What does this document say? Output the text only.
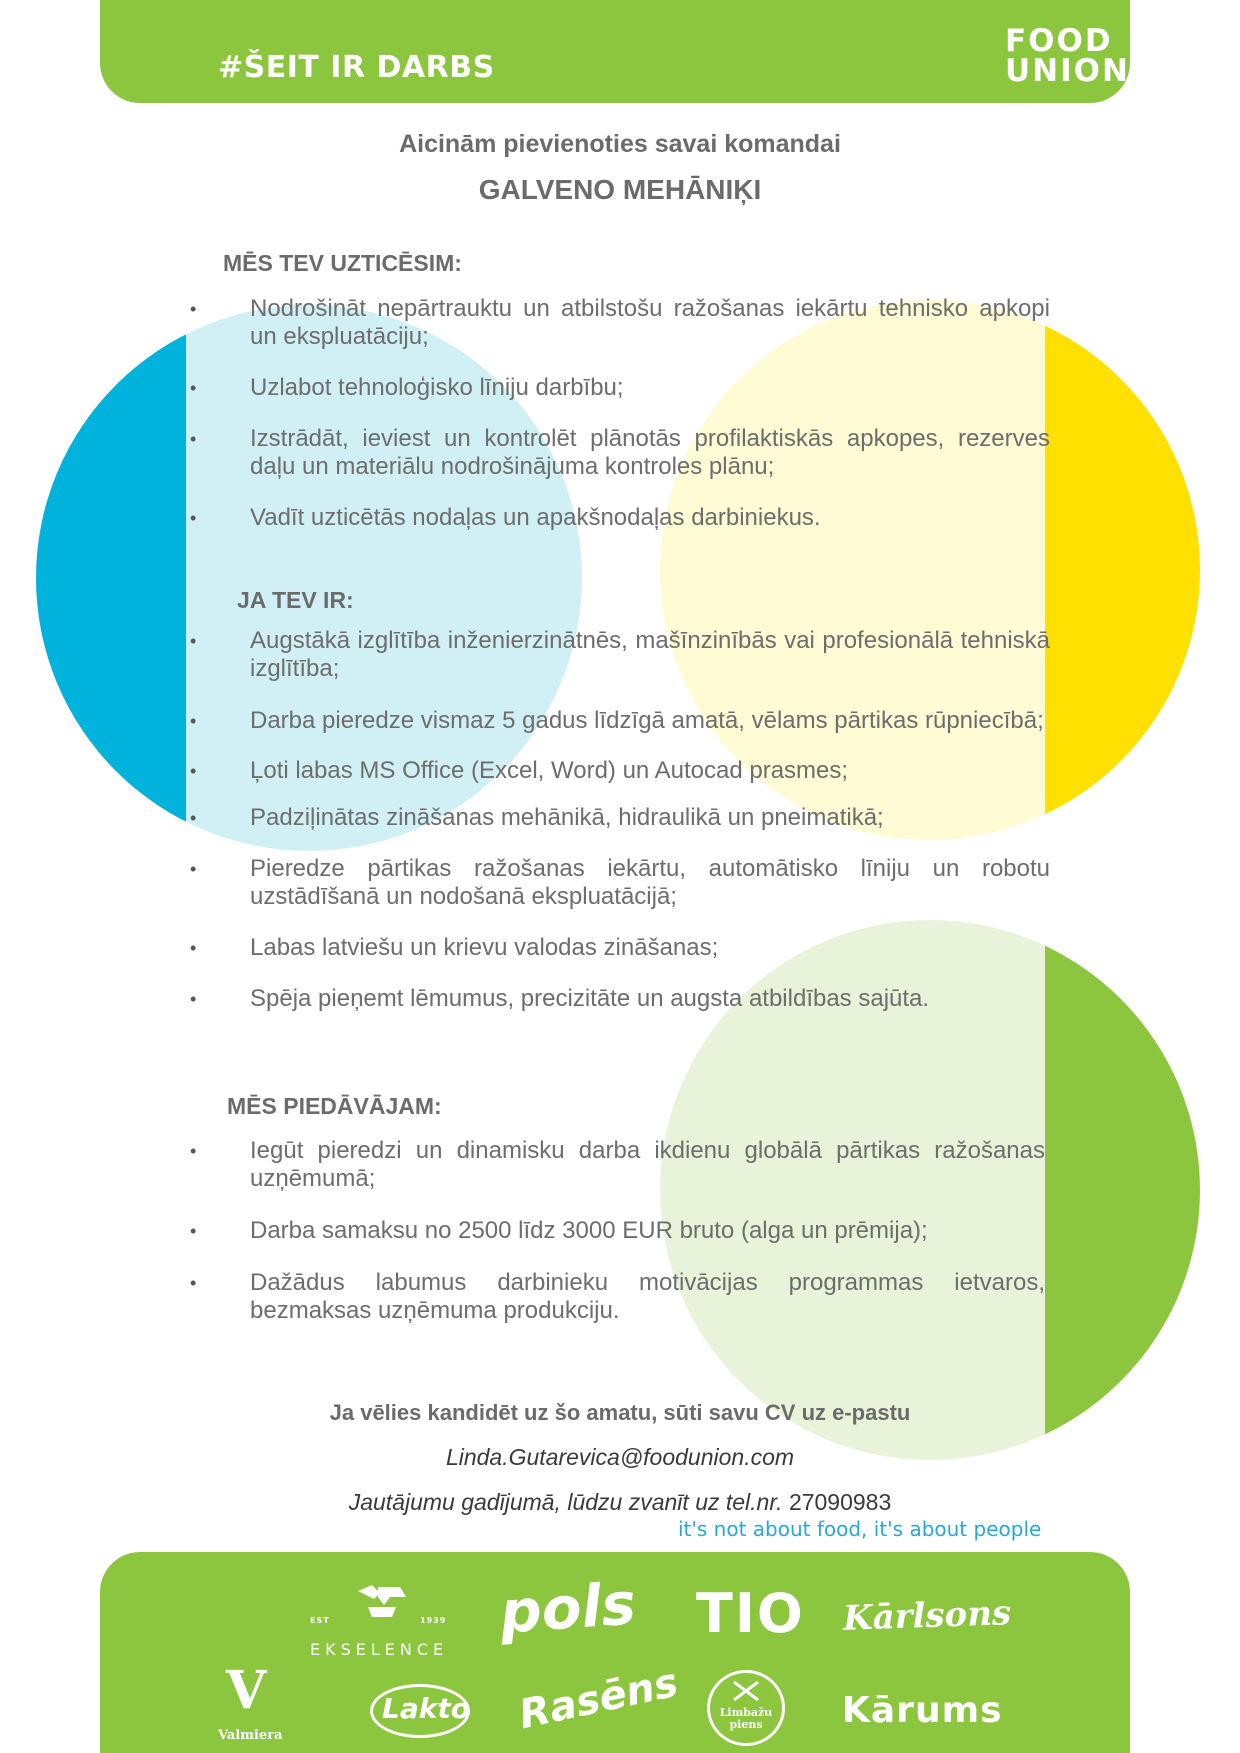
#ŠEIT IR DARBS
FOOD
UNION
Aicinām pievienoties savai komandai
GALVENO MEHĀNIĶI
MĒS TEV UZTICĒSIM:
• Nodrošināt nepārtrauktu un atbilstošu ražošanas iekārtu tehnisko apkopi un ekspluatāciju;
• Uzlabot tehnoloģisko līniju darbību;
• Izstrādāt, ieviest un kontrolēt plānotās profilaktiskās apkopes, rezerves daļu un materiālu nodrošinājuma kontroles plānu;
• Vadīt uzticētās nodaļas un apakšnodaļas darbiniekus.
JA TEV IR:
• Augstākā izglītība inženierzinātnēs, mašīnzinībās vai profesionālā tehniskā izglītība;
• Darba pieredze vismaz 5 gadus līdzīgā amatā, vēlams pārtikas rūpniecībā;
• Ļoti labas MS Office (Excel, Word) un Autocad prasmes;
• Padziļinātas zināšanas mehānikā, hidraulikā un pneimatikā;
• Pieredze pārtikas ražošanas iekārtu, automātisko līniju un robotu uzstādīšanā un nodošanā ekspluatācijā;
• Labas latviešu un krievu valodas zināšanas;
• Spēja pieņemt lēmumus, precizitāte un augsta atbildības sajūta.
MĒS PIEDĀVĀJAM:
• Iegūt pieredzi un dinamisku darba ikdienu globālā pārtikas ražošanas uzņēmumā;
• Darba samaksu no 2500 līdz 3000 EUR bruto (alga un prēmija);
• Dažādus labumus darbinieku motivācijas programmas ietvaros, bezmaksas uzņēmuma produkciju.
Ja vēlies kandidēt uz šo amatu, sūti savu CV uz e-pastu
Linda.Gutarevica@foodunion.com
Jautājumu gadījumā, lūdzu zvanīt uz tel.nr. 27090983
it's not about food, it's about people
EST	1939
EKSELENCE
pols TIO Kārlsons
V
Valmiera
Lakto Rasēns	Limbažu piens	Kārums
